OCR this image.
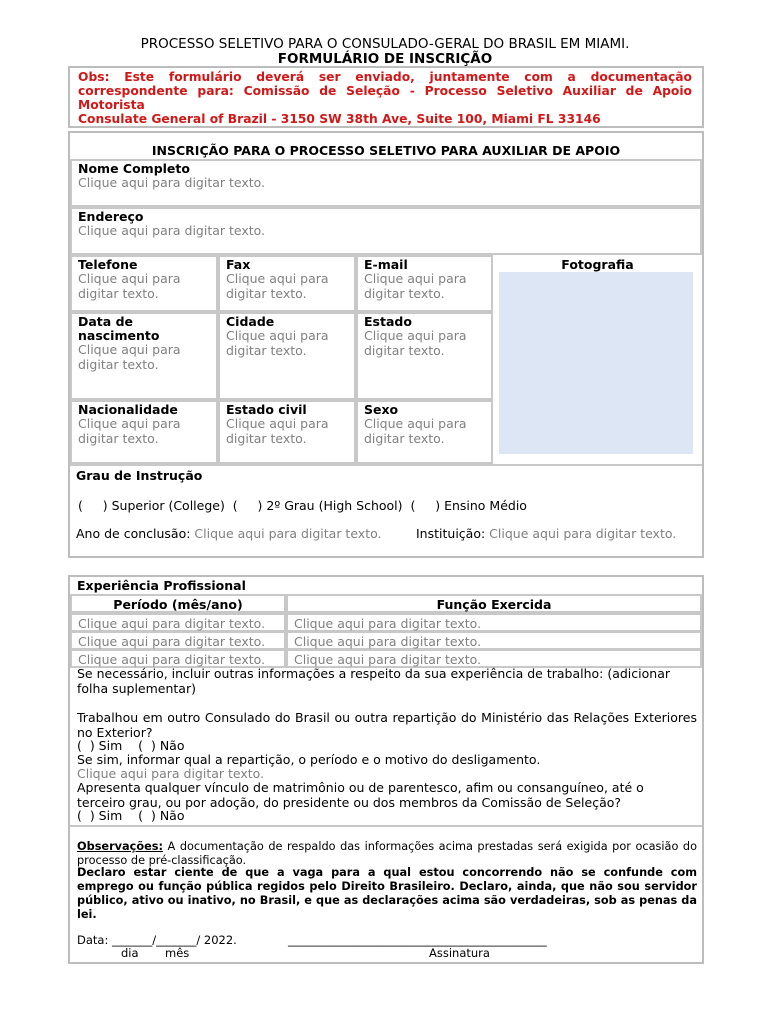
PROCESSO SELETIVO PARA O CONSULADO-GERAL DO BRASIL EM MIAMI.
FORMULÁRIO DE INSCRIÇÃO
Obs: Este formulário deverá ser enviado, juntamente com a documentação correspondente para: Comissão de Seleção - Processo Seletivo Auxiliar de Apoio Motorista
Consulate General of Brazil - 3150 SW 38th Ave, Suite 100, Miami FL 33146
INSCRIÇÃO PARA O PROCESSO SELETIVO PARA AUXILIAR DE APOIO
Nome Completo
Clique aqui para digitar texto.
Endereço
Clique aqui para digitar texto.
Telefone
Clique aqui para
digitar texto.
Fax
Clique aqui para
digitar texto.
E-mail
Clique aqui para
digitar texto.
Fotografia
Data de
nascimento
Clique aqui para
digitar texto.
Cidade
Clique aqui para
digitar texto.
Estado
Clique aqui para
digitar texto.
Nacionalidade
Clique aqui para
digitar texto.
Estado civil
Clique aqui para
digitar texto.
Sexo
Clique aqui para
digitar texto.
Grau de Instrução
(     ) Superior (College)  (     ) 2º Grau (High School)  (     ) Ensino Médio
Ano de conclusão: Clique aqui para digitar texto.	Instituição: Clique aqui para digitar texto.
Experiência Profissional
Período (mês/ano)	Função Exercida
Clique aqui para digitar texto.	Clique aqui para digitar texto.
Clique aqui para digitar texto.	Clique aqui para digitar texto.
Clique aqui para digitar texto.	Clique aqui para digitar texto.
Se necessário, incluir outras informações a respeito da sua experiência de trabalho: (adicionar folha suplementar)
Trabalhou em outro Consulado do Brasil ou outra repartição do Ministério das Relações Exteriores no Exterior?
(  ) Sim    (  ) Não
Se sim, informar qual a repartição, o período e o motivo do desligamento.
Clique aqui para digitar texto.
Apresenta qualquer vínculo de matrimônio ou de parentesco, afim ou consanguíneo, até o terceiro grau, ou por adoção, do presidente ou dos membros da Comissão de Seleção?
(  ) Sim    (  ) Não
Observações: A documentação de respaldo das informações acima prestadas será exigida por ocasião do processo de pré-classificação.
Declaro estar ciente de que a vaga para a qual estou concorrendo não se confunde com emprego ou função pública regidos pelo Direito Brasileiro. Declaro, ainda, que não sou servidor público, ativo ou inativo, no Brasil, e que as declarações acima são verdadeiras, sob as penas da lei.
Data: _______/_______/ 2022.	_____________________________________________
dia mês	Assinatura
